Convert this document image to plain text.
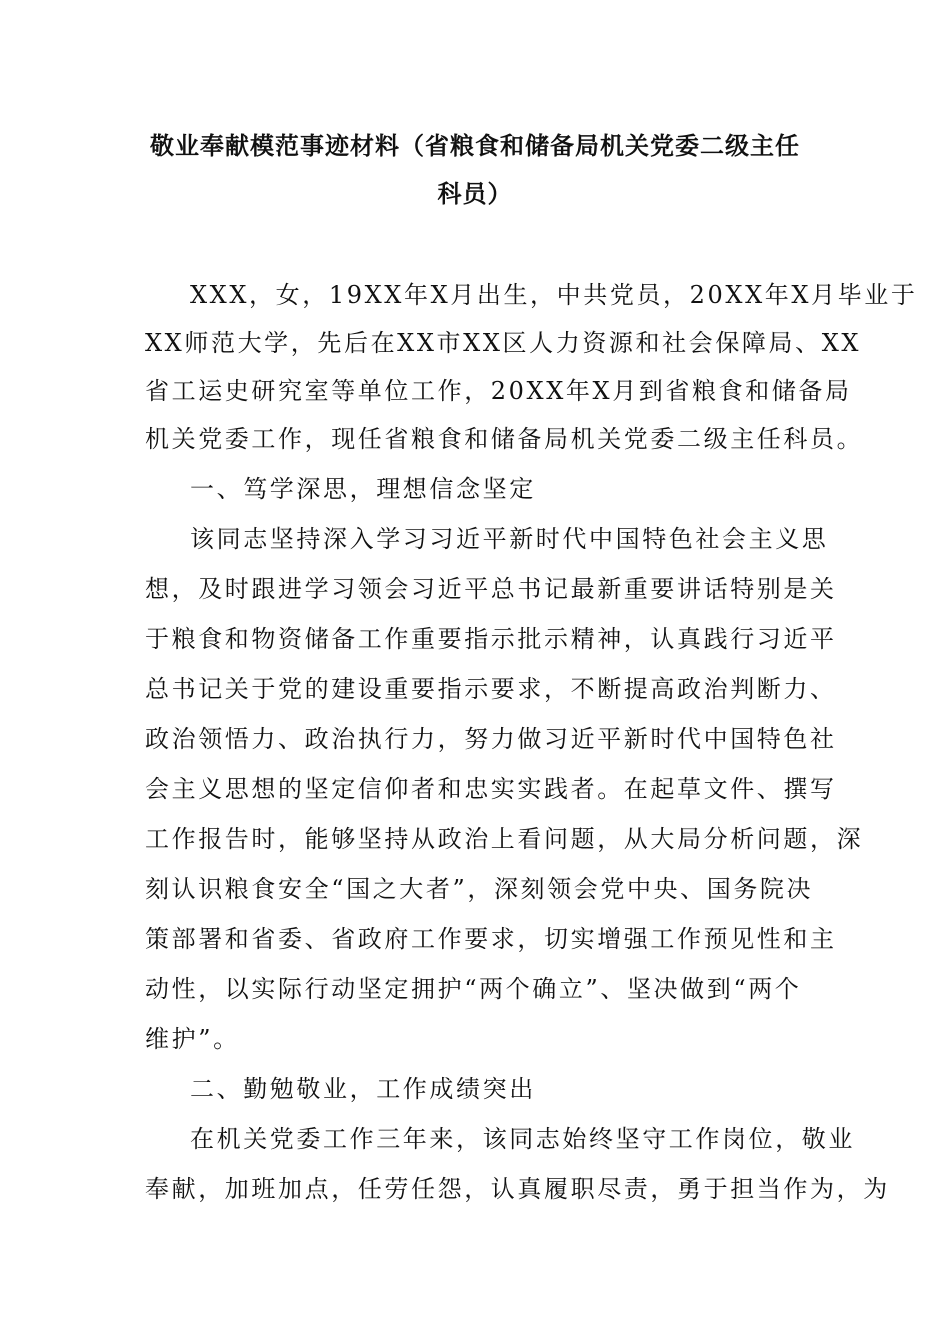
敬业奉献模范事迹材料（省粮食和储备局机关党委二级主任
科员）
XXX，女，19XX年X月出生，中共党员，20XX年X月毕业于
XX师范大学，先后在XX市XX区人力资源和社会保障局、XX
省工运史研究室等单位工作，20XX年X月到省粮食和储备局
机关党委工作，现任省粮食和储备局机关党委二级主任科员。
一、笃学深思，理想信念坚定
该同志坚持深入学习习近平新时代中国特色社会主义思
想，及时跟进学习领会习近平总书记最新重要讲话特别是关
于粮食和物资储备工作重要指示批示精神，认真践行习近平
总书记关于党的建设重要指示要求，不断提高政治判断力、
政治领悟力、政治执行力，努力做习近平新时代中国特色社
会主义思想的坚定信仰者和忠实实践者。在起草文件、撰写
工作报告时，能够坚持从政治上看问题，从大局分析问题，深
刻认识粮食安全“国之大者”，深刻领会党中央、国务院决
策部署和省委、省政府工作要求，切实增强工作预见性和主
动性，以实际行动坚定拥护“两个确立”、坚决做到“两个
维护”。
二、勤勉敬业，工作成绩突出
在机关党委工作三年来，该同志始终坚守工作岗位，敬业
奉献，加班加点，任劳任怨，认真履职尽责，勇于担当作为，为
